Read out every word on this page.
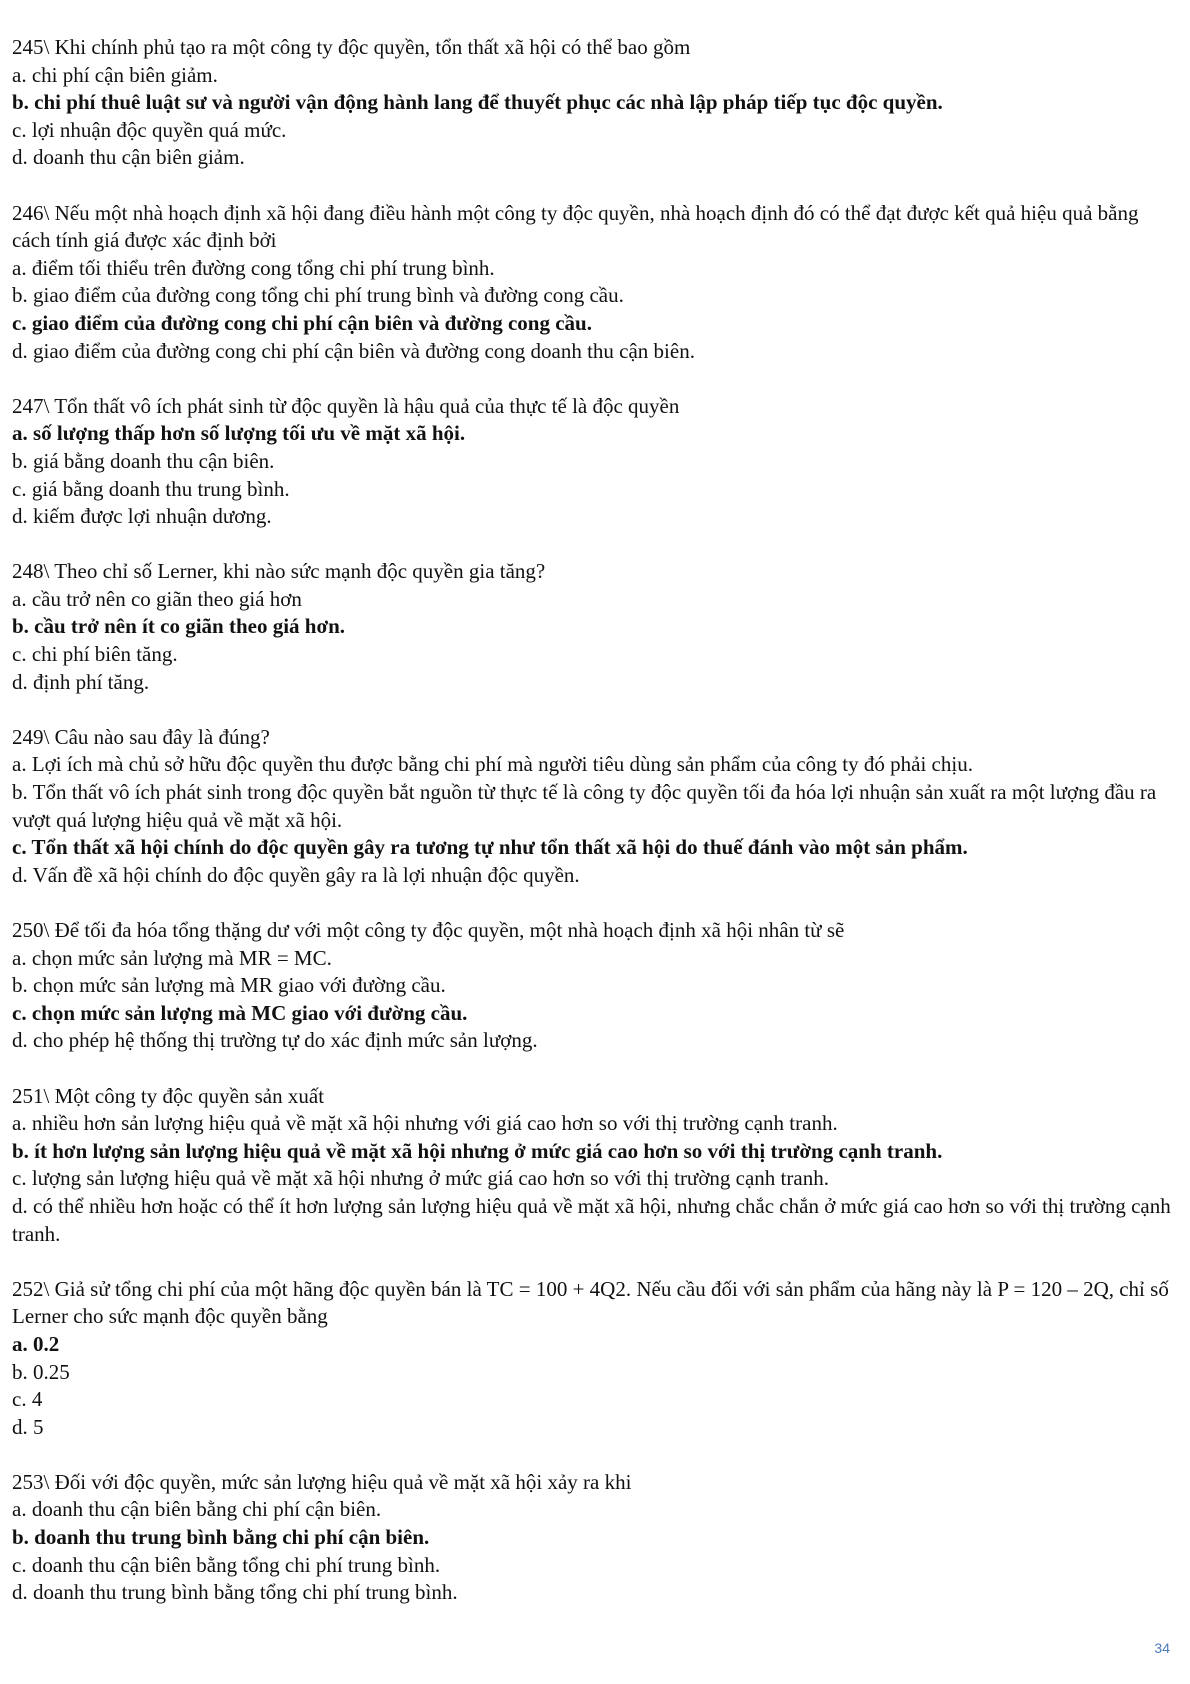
245\ Khi chính phủ tạo ra một công ty độc quyền, tổn thất xã hội có thể bao gồm

a. chi phí cận biên giảm.

b. chi phí thuê luật sư và người vận động hành lang để thuyết phục các nhà lập pháp tiếp tục độc quyền.

c. lợi nhuận độc quyền quá mức.

d. doanh thu cận biên giảm.

246\ Nếu một nhà hoạch định xã hội đang điều hành một công ty độc quyền, nhà hoạch định đó có thể đạt được kết quả hiệu quả bằng cách tính giá được xác định bởi

a. điểm tối thiểu trên đường cong tổng chi phí trung bình.

b. giao điểm của đường cong tổng chi phí trung bình và đường cong cầu.

c. giao điểm của đường cong chi phí cận biên và đường cong cầu.

d. giao điểm của đường cong chi phí cận biên và đường cong doanh thu cận biên.

247\ Tổn thất vô ích phát sinh từ độc quyền là hậu quả của thực tế là độc quyền

a. số lượng thấp hơn số lượng tối ưu về mặt xã hội.

b. giá bằng doanh thu cận biên.

c. giá bằng doanh thu trung bình.

d. kiếm được lợi nhuận dương.

248\ Theo chỉ số Lerner, khi nào sức mạnh độc quyền gia tăng?

a. cầu trở nên co giãn theo giá hơn

b. cầu trở nên ít co giãn theo giá hơn.

c. chi phí biên tăng.

d. định phí tăng.

249\ Câu nào sau đây là đúng?

a. Lợi ích mà chủ sở hữu độc quyền thu được bằng chi phí mà người tiêu dùng sản phẩm của công ty đó phải chịu.

b. Tổn thất vô ích phát sinh trong độc quyền bắt nguồn từ thực tế là công ty độc quyền tối đa hóa lợi nhuận sản xuất ra một lượng đầu ra vượt quá lượng hiệu quả về mặt xã hội.

c. Tổn thất xã hội chính do độc quyền gây ra tương tự như tổn thất xã hội do thuế đánh vào một sản phẩm.

d. Vấn đề xã hội chính do độc quyền gây ra là lợi nhuận độc quyền.

250\ Để tối đa hóa tổng thặng dư với một công ty độc quyền, một nhà hoạch định xã hội nhân từ sẽ

a. chọn mức sản lượng mà MR = MC.

b. chọn mức sản lượng mà MR giao với đường cầu.

c. chọn mức sản lượng mà MC giao với đường cầu.

d. cho phép hệ thống thị trường tự do xác định mức sản lượng.

251\ Một công ty độc quyền sản xuất

a. nhiều hơn sản lượng hiệu quả về mặt xã hội nhưng với giá cao hơn so với thị trường cạnh tranh.

b. ít hơn lượng sản lượng hiệu quả về mặt xã hội nhưng ở mức giá cao hơn so với thị trường cạnh tranh.

c. lượng sản lượng hiệu quả về mặt xã hội nhưng ở mức giá cao hơn so với thị trường cạnh tranh.

d. có thể nhiều hơn hoặc có thể ít hơn lượng sản lượng hiệu quả về mặt xã hội, nhưng chắc chắn ở mức giá cao hơn so với thị trường cạnh tranh.

252\ Giả sử tổng chi phí của một hãng độc quyền bán là TC = 100 + 4Q2. Nếu cầu đối với sản phẩm của hãng này là P = 120 – 2Q, chỉ số Lerner cho sức mạnh độc quyền bằng

a. 0.2

b. 0.25

c. 4

d. 5

253\ Đối với độc quyền, mức sản lượng hiệu quả về mặt xã hội xảy ra khi

a. doanh thu cận biên bằng chi phí cận biên.

b. doanh thu trung bình bằng chi phí cận biên.

c. doanh thu cận biên bằng tổng chi phí trung bình.

d. doanh thu trung bình bằng tổng chi phí trung bình.

34
